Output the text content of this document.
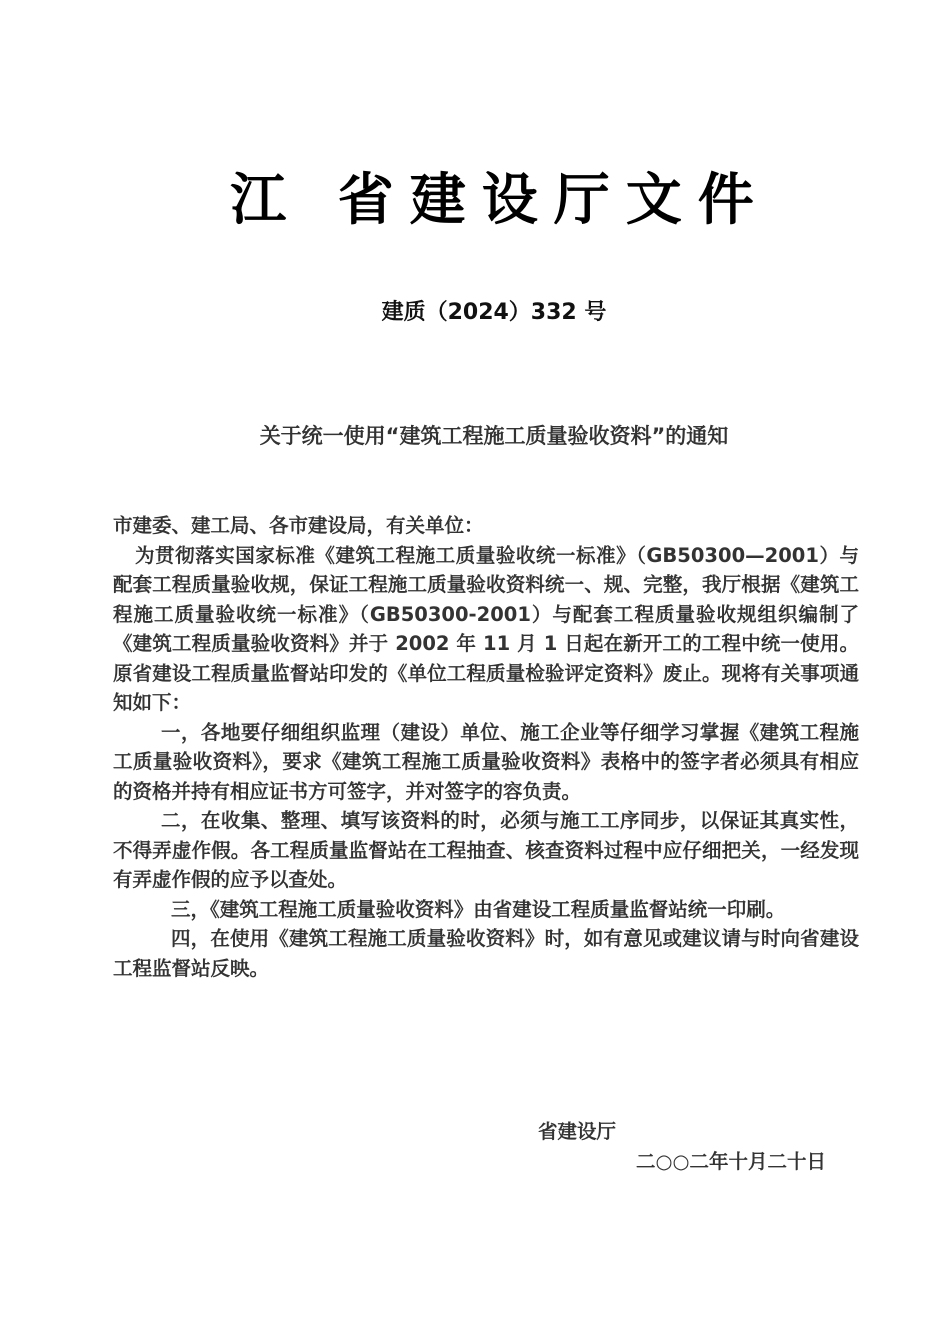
江 省建设厅文件
建质（2024）332 号
关于统一使用“建筑工程施工质量验收资料”的通知

市建委、建工局、各市建设局，有关单位：

为贯彻落实国家标准《建筑工程施工质量验收统一标准》（GB50300—2001）与配套工程质量验收规，保证工程施工质量验收资料统一、规、完整，我厅根据《建筑工程施工质量验收统一标准》（GB50300-2001）与配套工程质量验收规组织编制了《建筑工程质量验收资料》并于 2002 年 11 月 1 日起在新开工的工程中统一使用。原省建设工程质量监督站印发的《单位工程质量检验评定资料》废止。现将有关事项通知如下：

一，各地要仔细组织监理（建设）单位、施工企业等仔细学习掌握《建筑工程施工质量验收资料》，要求《建筑工程施工质量验收资料》表格中的签字者必须具有相应的资格并持有相应证书方可签字，并对签字的容负责。

二，在收集、整理、填写该资料的时，必须与施工工序同步，以保证其真实性，不得弄虚作假。各工程质量监督站在工程抽查、核查资料过程中应仔细把关，一经发现有弄虚作假的应予以查处。

三，《建筑工程施工质量验收资料》由省建设工程质量监督站统一印刷。

四，在使用《建筑工程施工质量验收资料》时，如有意见或建议请与时向省建设工程监督站反映。

省建设厅
二○○二年十月二十日
